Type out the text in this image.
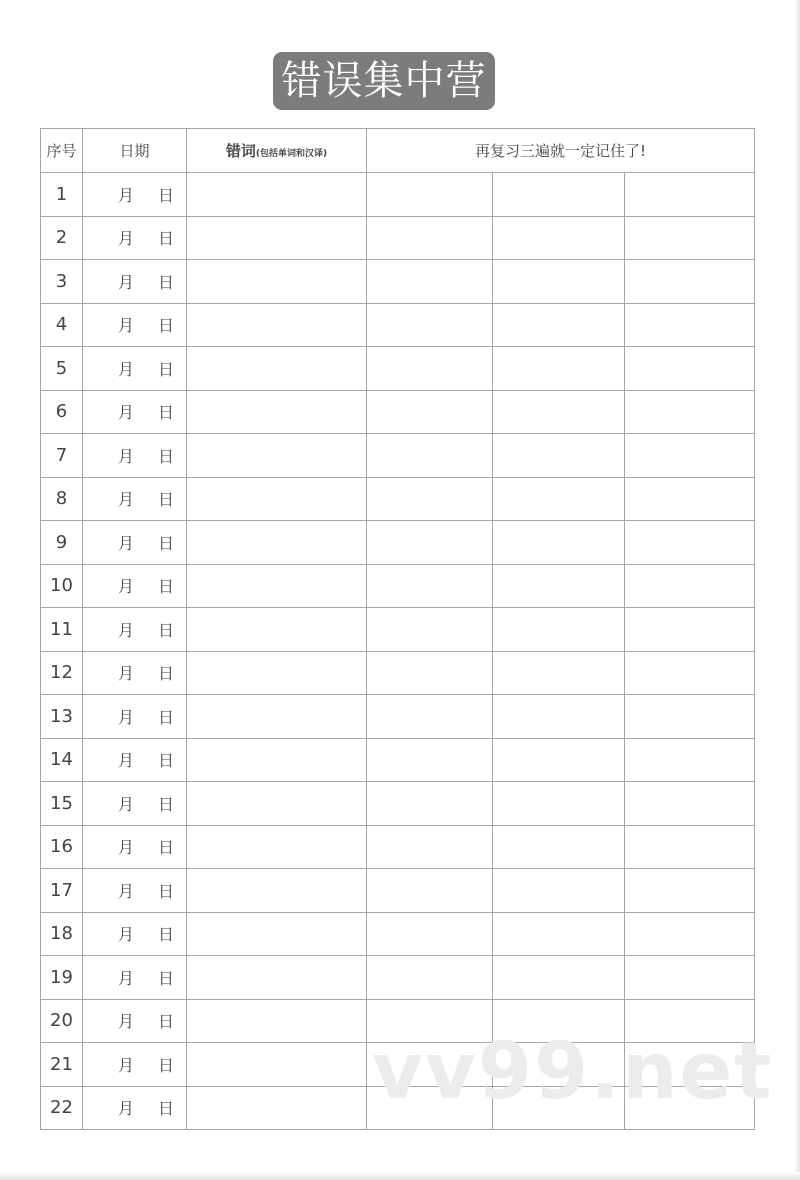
错误集中营
序号	日期	错词(包括单词和汉译)	再复习三遍就一定记住了!		
1	月 日				

2	月 日				

3	月 日				

4	月 日				

5	月 日				

6	月 日				

7	月 日				

8	月 日				

9	月 日				

10	月 日				

11	月 日				

12	月 日				

13	月 日				

14	月 日				

15	月 日				

16	月 日				

17	月 日				

18	月 日				

19	月 日				

20	月 日				

21	月 日				

22	月 日				
					vv99.net
